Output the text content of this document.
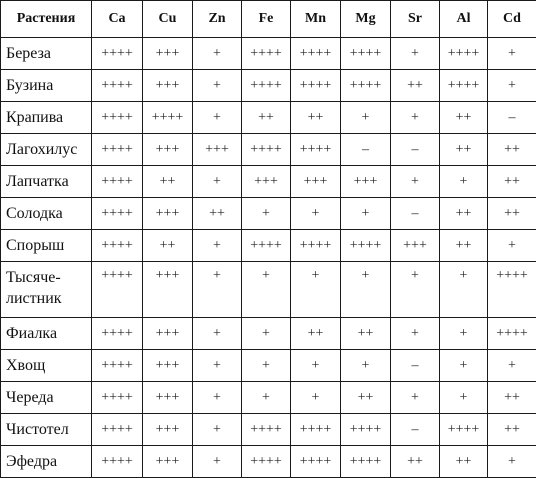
Растения	Ca	Cu	Zn	Fe	Mn	Mg	Sr	Al	Cd

Береза	++++	+++	+	++++	++++	++++	+	++++	+

Бузина	++++	+++	+	++++	++++	++++	++	++++	+

Крапива	++++	++++	+	++	++	+	+	++	–

Лагохилус	++++	+++	+++	++++	++++	–	–	++	++

Лапчатка	++++	++	+	+++	+++	+++	+	+	++

Солодка	++++	+++	++	+	+	+	–	++	++

Спорыш	++++	++	+	++++	++++	++++	+++	++	+

Тысяче-
листник	++++	+++	+	+	+	+	+	+	++++

Фиалка	++++	+++	+	+	++	++	+	+	++++

Хвощ	++++	+++	+	+	+	+	–	+	+

Череда	++++	+++	+	+	+	++	+	+	++

Чистотел	++++	+++	+	++++	++++	++++	–	++++	++

Эфедра	++++	+++	+	++++	++++	++++	++	++	+
